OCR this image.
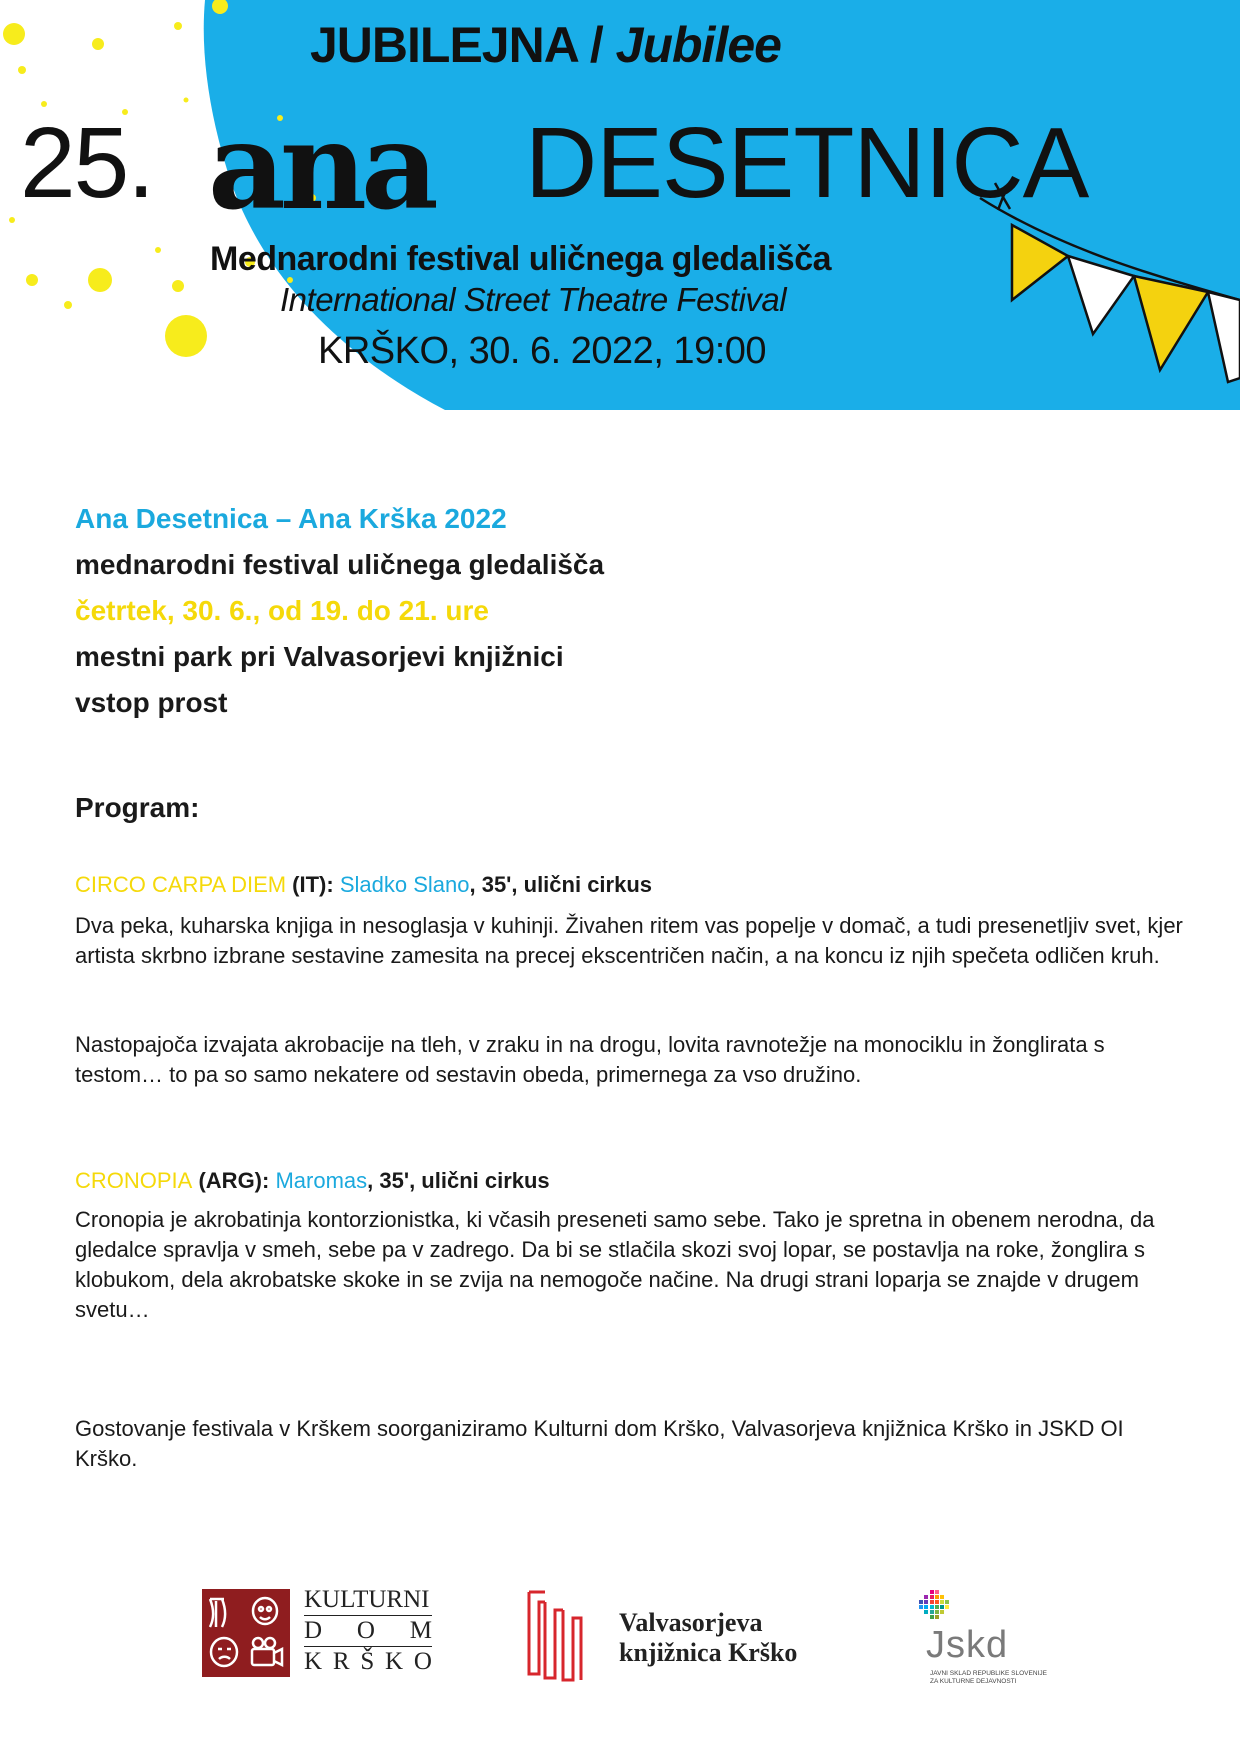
JUBILEJNA / Jubilee
25. ana DESETNICA
Mednarodni festival uličnega gledališča
International Street Theatre Festival
KRŠKO, 30. 6. 2022, 19:00
Ana Desetnica – Ana Krška 2022
mednarodni festival uličnega gledališča
četrtek, 30. 6., od 19. do 21. ure
mestni park pri Valvasorjevi knjižnici
vstop prost
Program:
CIRCO CARPA DIEM (IT): Sladko Slano, 35', ulični cirkus
Dva peka, kuharska knjiga in nesoglasja v kuhinji. Živahen ritem vas popelje v domač, a tudi presenetljiv svet, kjer artista skrbno izbrane sestavine zamesita na precej ekscentričen način, a na koncu iz njih spečeta odličen kruh.
Nastopajoča izvajata akrobacije na tleh, v zraku in na drogu, lovita ravnotežje na monociklu in žonglirata s testom… to pa so samo nekatere od sestavin obeda, primernega za vso družino.
CRONOPIA (ARG): Maromas, 35', ulični cirkus
Cronopia je akrobatinja kontorzionistka, ki včasih preseneti samo sebe. Tako je spretna in obenem nerodna, da gledalce spravlja v smeh, sebe pa v zadrego. Da bi se stlačila skozi svoj lopar, se postavlja na roke, žonglira s klobukom, dela akrobatske skoke in se zvija na nemogoče načine. Na drugi strani loparja se znajde v drugem svetu…
Gostovanje festivala v Krškem soorganiziramo Kulturni dom Krško, Valvasorjeva knjižnica Krško in JSKD OI Krško.
KULTURNI
D O M
K R Š K O
Valvasorjeva
knjižnica Krško	Jskd
JAVNI SKLAD REPUBLIKE SLOVENIJE
ZA KULTURNE DEJAVNOSTI
